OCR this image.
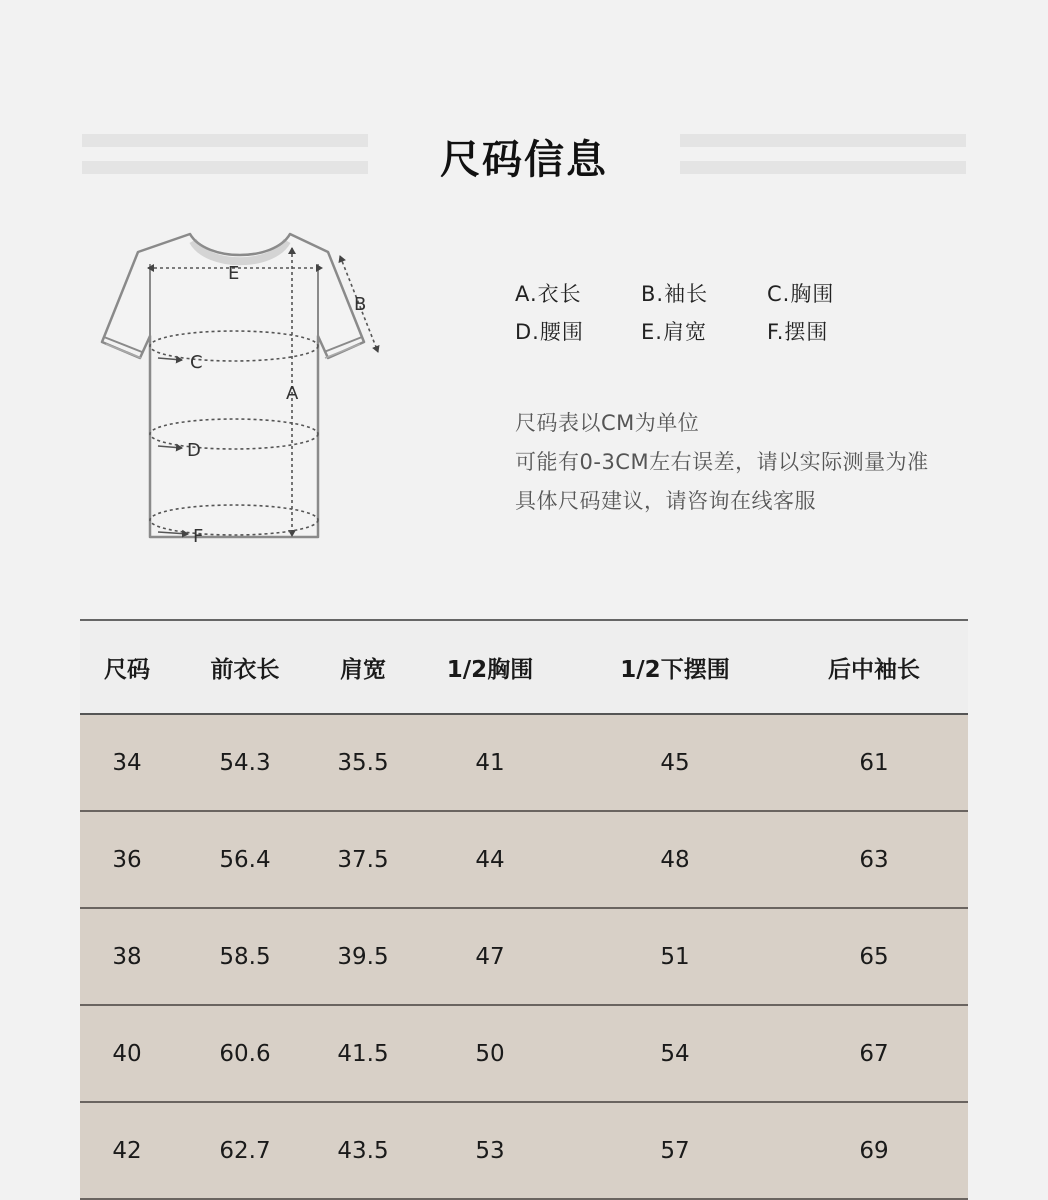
尺码信息
E
A
B
C
D
F
A.衣长	B.袖长	C.胸围
D.腰围	E.肩宽	F.摆围
尺码表以CM为单位
可能有0-3CM左右误差，请以实际测量为准
具体尺码建议，请咨询在线客服
尺码	前衣长	肩宽	1/2胸围	1/2下摆围	后中袖长
34	54.3	35.5	41	45	61
36	56.4	37.5	44	48	63
38	58.5	39.5	47	51	65
40	60.6	41.5	50	54	67
42	62.7	43.5	53	57	69
